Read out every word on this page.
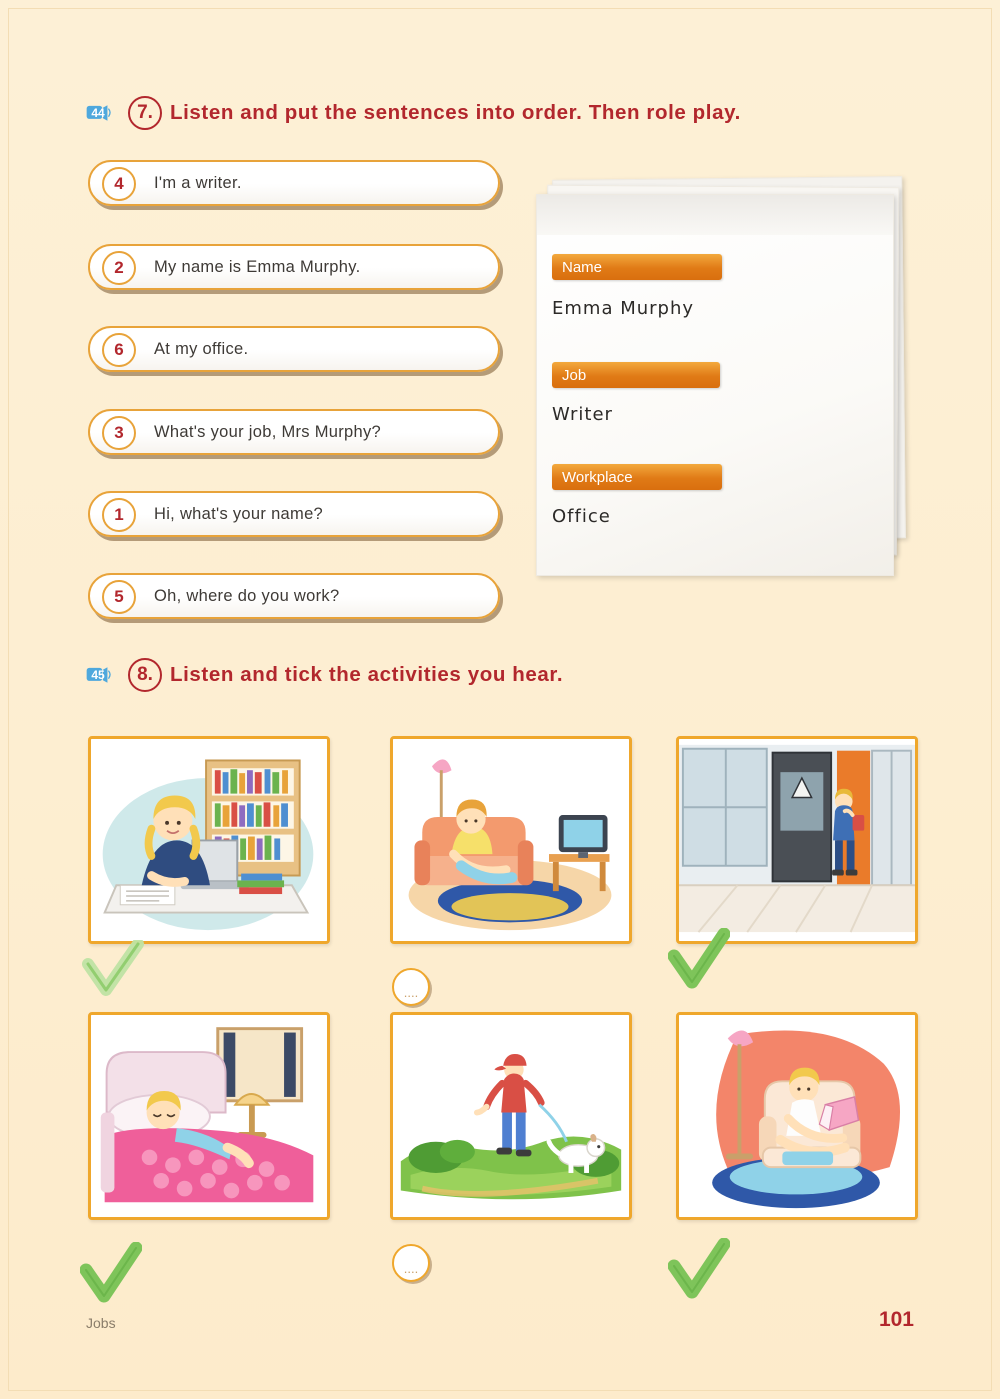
44	7. Listen and put the sentences into order. Then role play.
4	I'm a writer.
2	My name is Emma Murphy.
6	At my office.
3	What's your job, Mrs Murphy?
1	Hi, what's your name?
5	Oh, where do you work?
Name
Emma Murphy
Job
Writer
Workplace
Office
45	8. Listen and tick the activities you hear.
....
....
Jobs	101
